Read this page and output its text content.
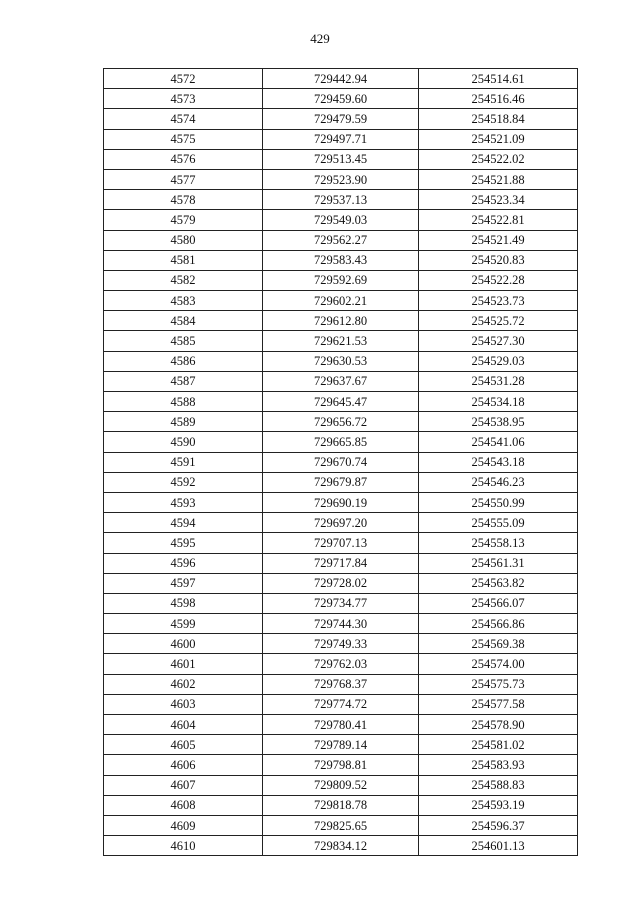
429
4572	729442.94	254514.61
4573	729459.60	254516.46
4574	729479.59	254518.84
4575	729497.71	254521.09
4576	729513.45	254522.02
4577	729523.90	254521.88
4578	729537.13	254523.34
4579	729549.03	254522.81
4580	729562.27	254521.49
4581	729583.43	254520.83
4582	729592.69	254522.28
4583	729602.21	254523.73
4584	729612.80	254525.72
4585	729621.53	254527.30
4586	729630.53	254529.03
4587	729637.67	254531.28
4588	729645.47	254534.18
4589	729656.72	254538.95
4590	729665.85	254541.06
4591	729670.74	254543.18
4592	729679.87	254546.23
4593	729690.19	254550.99
4594	729697.20	254555.09
4595	729707.13	254558.13
4596	729717.84	254561.31
4597	729728.02	254563.82
4598	729734.77	254566.07
4599	729744.30	254566.86
4600	729749.33	254569.38
4601	729762.03	254574.00
4602	729768.37	254575.73
4603	729774.72	254577.58
4604	729780.41	254578.90
4605	729789.14	254581.02
4606	729798.81	254583.93
4607	729809.52	254588.83
4608	729818.78	254593.19
4609	729825.65	254596.37
4610	729834.12	254601.13
